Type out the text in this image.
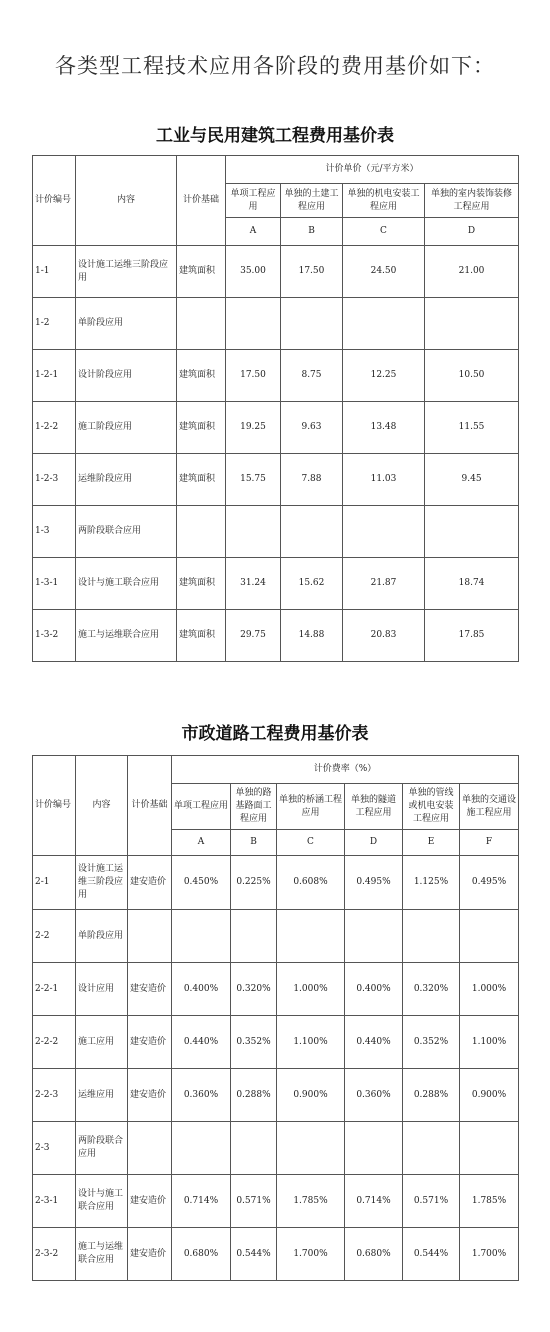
各类型工程技术应用各阶段的费用基价如下：
工业与民用建筑工程费用基价表
计价编号	内容	计价基础	计价单价（元/平方米）			
			单项工程应用	单独的土建工程应用	单独的机电安装工程应用	单独的室内装饰装修工程应用
			A	B	C	D
1-1	设计施工运维三阶段应用	建筑面积	35.00	17.50	24.50	21.00
1-2	单阶段应用					
1-2-1	设计阶段应用	建筑面积	17.50	8.75	12.25	10.50
1-2-2	施工阶段应用	建筑面积	19.25	9.63	13.48	11.55
1-2-3	运维阶段应用	建筑面积	15.75	7.88	11.03	9.45
1-3	两阶段联合应用					
1-3-1	设计与施工联合应用	建筑面积	31.24	15.62	21.87	18.74
1-3-2	施工与运维联合应用	建筑面积	29.75	14.88	20.83	17.85
市政道路工程费用基价表
计价编号	内容	计价基础	计价费率（%）					
			单项工程应用	单独的路基路面工程应用	单独的桥涵工程应用	单独的隧道工程应用	单独的管线或机电安装工程应用	单独的交通设施工程应用
			A	B	C	D	E	F
2-1	设计施工运维三阶段应用	建安造价	0.450%	0.225%	0.608%	0.495%	1.125%	0.495%
2-2	单阶段应用							
2-2-1	设计应用	建安造价	0.400%	0.320%	1.000%	0.400%	0.320%	1.000%
2-2-2	施工应用	建安造价	0.440%	0.352%	1.100%	0.440%	0.352%	1.100%
2-2-3	运维应用	建安造价	0.360%	0.288%	0.900%	0.360%	0.288%	0.900%
2-3	两阶段联合应用							
2-3-1	设计与施工联合应用	建安造价	0.714%	0.571%	1.785%	0.714%	0.571%	1.785%
2-3-2	施工与运维联合应用	建安造价	0.680%	0.544%	1.700%	0.680%	0.544%	1.700%
